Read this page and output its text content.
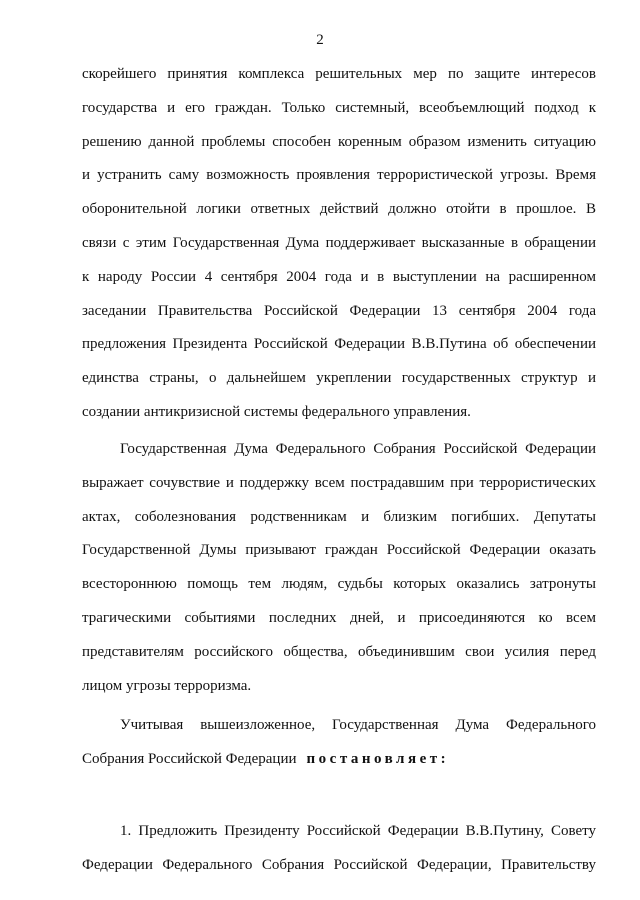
2
скорейшего принятия комплекса решительных мер по защите интересов
государства и его граждан. Только системный, всеобъемлющий подход к
решению данной проблемы способен коренным образом изменить ситуацию
и устранить саму возможность проявления террористической угрозы. Время
оборонительной логики ответных действий должно отойти в прошлое. В
связи с этим Государственная Дума поддерживает высказанные в обращении
к народу России 4 сентября 2004 года и в выступлении на расширенном
заседании Правительства Российской Федерации 13 сентября 2004 года
предложения Президента Российской Федерации В.В.Путина об обеспечении
единства страны, о дальнейшем укреплении государственных структур и
создании антикризисной системы федерального управления.
Государственная Дума Федерального Собрания Российской Федерации
выражает сочувствие и поддержку всем пострадавшим при террористических
актах, соболезнования родственникам и близким погибших. Депутаты
Государственной Думы призывают граждан Российской Федерации оказать
всестороннюю помощь тем людям, судьбы которых оказались затронуты
трагическими событиями последних дней, и присоединяются ко всем
представителям российского общества, объединившим свои усилия перед
лицом угрозы терроризма.
Учитывая вышеизложенное, Государственная Дума Федерального
Собрания Российской Федерации постановляет:
1. Предложить Президенту Российской Федерации В.В.Путину, Совету
Федерации Федерального Собрания Российской Федерации, Правительству
